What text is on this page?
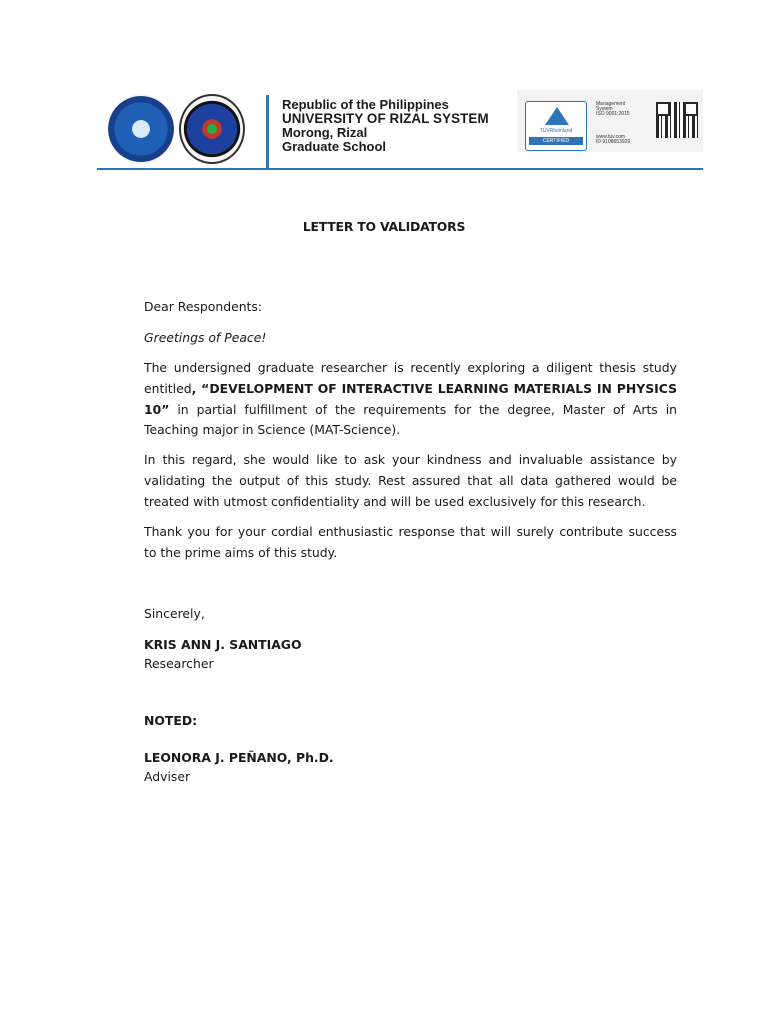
Republic of the Philippines
UNIVERSITY OF RIZAL SYSTEM
Morong, Rizal
Graduate School
TÜVRheinland
CERTIFIED
Management
System
ISO 9001:2015
www.tuv.com
ID 9108653929
LETTER TO VALIDATORS

Dear Respondents:

Greetings of Peace!

The undersigned graduate researcher is recently exploring a diligent thesis study entitled, “DEVELOPMENT OF INTERACTIVE LEARNING MATERIALS IN PHYSICS 10” in partial fulfillment of the requirements for the degree, Master of Arts in Teaching major in Science (MAT-Science).

In this regard, she would like to ask your kindness and invaluable assistance by validating the output of this study. Rest assured that all data gathered would be treated with utmost confidentiality and will be used exclusively for this research.

Thank you for your cordial enthusiastic response that will surely contribute success to the prime aims of this study.

Sincerely,

KRIS ANN J. SANTIAGO

Researcher

NOTED:

LEONORA J. PEÑANO, Ph.D.

Adviser
